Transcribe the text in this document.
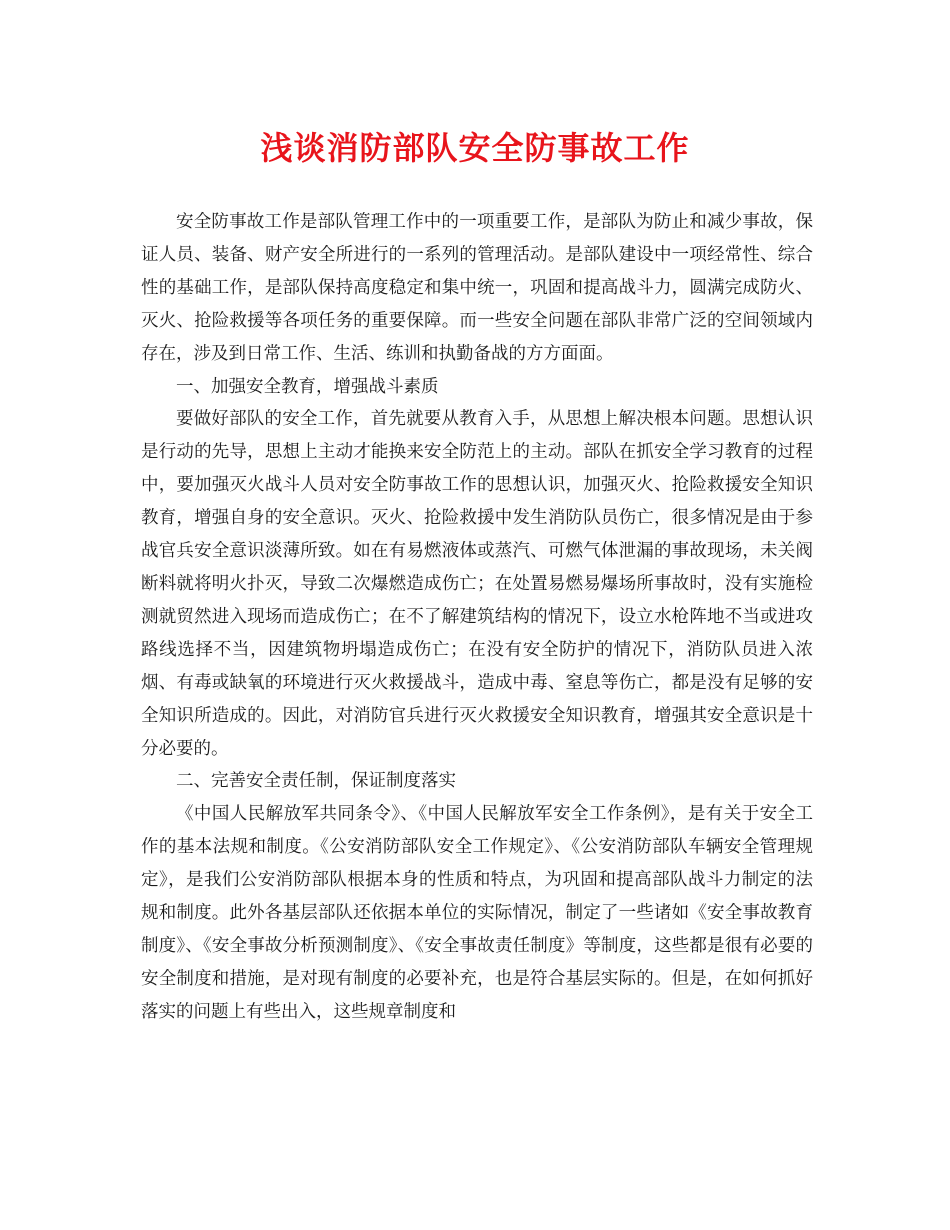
浅谈消防部队安全防事故工作

安全防事故工作是部队管理工作中的一项重要工作，是部队为防止和减少事故，保证人员、装备、财产安全所进行的一系列的管理活动。是部队建设中一项经常性、综合性的基础工作，是部队保持高度稳定和集中统一，巩固和提高战斗力，圆满完成防火、灭火、抢险救援等各项任务的重要保障。而一些安全问题在部队非常广泛的空间领域内存在，涉及到日常工作、生活、练训和执勤备战的方方面面。

一、加强安全教育，增强战斗素质

要做好部队的安全工作，首先就要从教育入手，从思想上解决根本问题。思想认识是行动的先导，思想上主动才能换来安全防范上的主动。部队在抓安全学习教育的过程中，要加强灭火战斗人员对安全防事故工作的思想认识，加强灭火、抢险救援安全知识教育，增强自身的安全意识。灭火、抢险救援中发生消防队员伤亡，很多情况是由于参战官兵安全意识淡薄所致。如在有易燃液体或蒸汽、可燃气体泄漏的事故现场，未关阀断料就将明火扑灭，导致二次爆燃造成伤亡；在处置易燃易爆场所事故时，没有实施检测就贸然进入现场而造成伤亡；在不了解建筑结构的情况下，设立水枪阵地不当或进攻路线选择不当，因建筑物坍塌造成伤亡；在没有安全防护的情况下，消防队员进入浓烟、有毒或缺氧的环境进行灭火救援战斗，造成中毒、窒息等伤亡，都是没有足够的安全知识所造成的。因此，对消防官兵进行灭火救援安全知识教育，增强其安全意识是十分必要的。

二、完善安全责任制，保证制度落实

《中国人民解放军共同条令》、《中国人民解放军安全工作条例》，是有关于安全工作的基本法规和制度。《公安消防部队安全工作规定》、《公安消防部队车辆安全管理规定》，是我们公安消防部队根据本身的性质和特点，为巩固和提高部队战斗力制定的法规和制度。此外各基层部队还依据本单位的实际情况，制定了一些诸如《安全事故教育制度》、《安全事故分析预测制度》、《安全事故责任制度》等制度，这些都是很有必要的安全制度和措施，是对现有制度的必要补充，也是符合基层实际的。但是，在如何抓好落实的问题上有些出入，这些规章制度和
